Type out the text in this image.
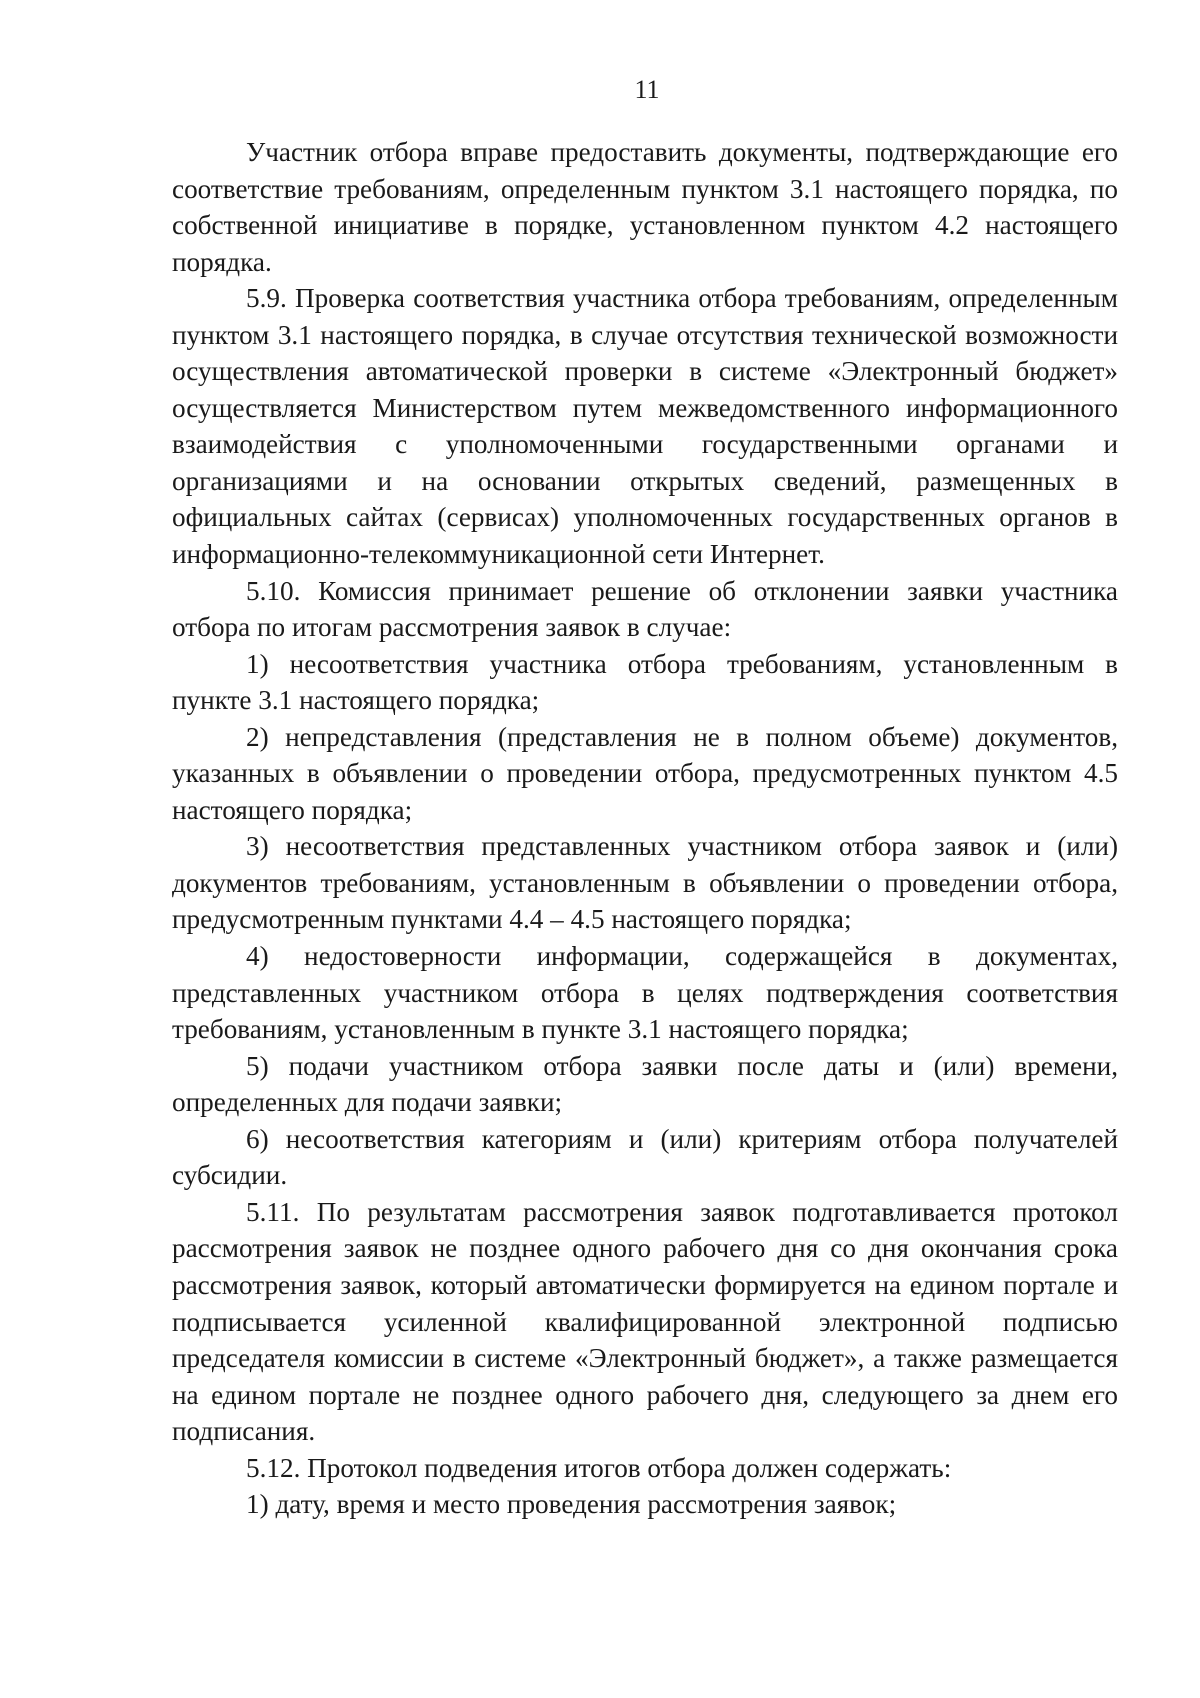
11

Участник отбора вправе предоставить документы, подтверждающие его соответствие требованиям, определенным пунктом 3.1 настоящего порядка, по собственной инициативе в порядке, установленном пунктом 4.2 настоящего порядка.

5.9. Проверка соответствия участника отбора требованиям, определенным пунктом 3.1 настоящего порядка, в случае отсутствия технической возможности осуществления автоматической проверки в системе «Электронный бюджет» осуществляется Министерством путем межведомственного информационного взаимодействия с уполномоченными государственными органами и организациями и на основании открытых сведений, размещенных в официальных сайтах (сервисах) уполномоченных государственных органов в информационно-телекоммуникационной сети Интернет.

5.10. Комиссия принимает решение об отклонении заявки участника отбора по итогам рассмотрения заявок в случае:

1) несоответствия участника отбора требованиям, установленным в пункте 3.1 настоящего порядка;

2) непредставления (представления не в полном объеме) документов, указанных в объявлении о проведении отбора, предусмотренных пунктом 4.5 настоящего порядка;

3) несоответствия представленных участником отбора заявок и (или) документов требованиям, установленным в объявлении о проведении отбора, предусмотренным пунктами 4.4 – 4.5 настоящего порядка;

4) недостоверности информации, содержащейся в документах, представленных участником отбора в целях подтверждения соответствия требованиям, установленным в пункте 3.1 настоящего порядка;

5) подачи участником отбора заявки после даты и (или) времени, определенных для подачи заявки;

6) несоответствия категориям и (или) критериям отбора получателей субсидии.

5.11. По результатам рассмотрения заявок подготавливается протокол рассмотрения заявок не позднее одного рабочего дня со дня окончания срока рассмотрения заявок, который автоматически формируется на едином портале и подписывается усиленной квалифицированной электронной подписью председателя комиссии в системе «Электронный бюджет», а также размещается на едином портале не позднее одного рабочего дня, следующего за днем его подписания.

5.12. Протокол подведения итогов отбора должен содержать:

1) дату, время и место проведения рассмотрения заявок;
